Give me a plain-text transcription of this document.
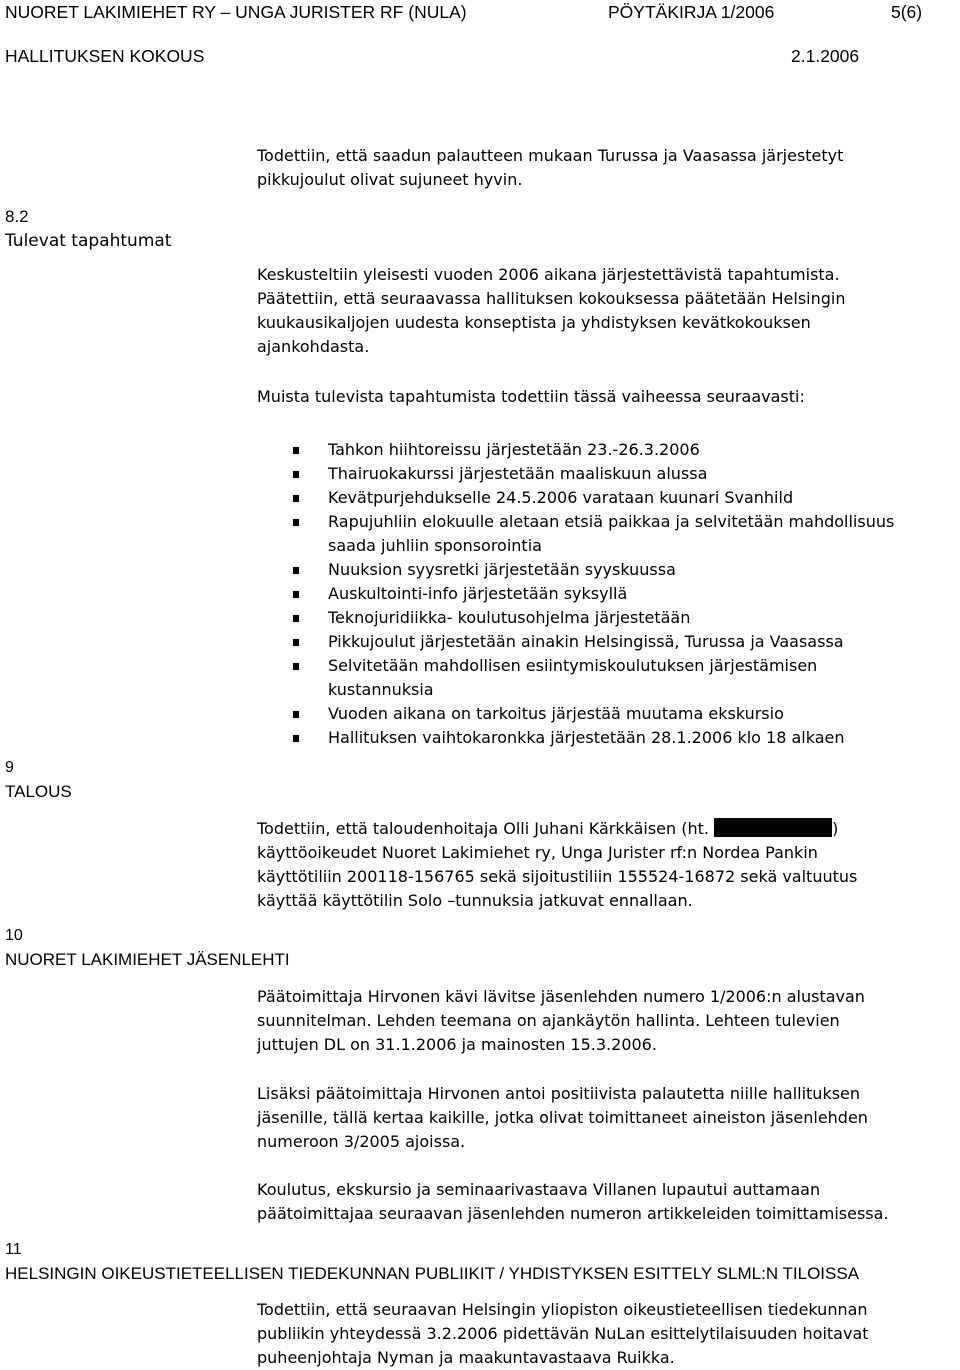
NUORET LAKIMIEHET RY – UNGA JURISTER RF (NULA)	PÖYTÄKIRJA 1/2006	5(6)
HALLITUKSEN KOKOUS	2.1.2006
Todettiin, että saadun palautteen mukaan Turussa ja Vaasassa järjestetyt
pikkujoulut olivat sujuneet hyvin.
8.2
Tulevat tapahtumat
Keskusteltiin yleisesti vuoden 2006 aikana järjestettävistä tapahtumista.
Päätettiin, että seuraavassa hallituksen kokouksessa päätetään Helsingin
kuukausikaljojen uudesta konseptista ja yhdistyksen kevätkokouksen
ajankohdasta.
Muista tulevista tapahtumista todettiin tässä vaiheessa seuraavasti:
Tahkon hiihtoreissu järjestetään 23.-26.3.2006
Thairuokakurssi järjestetään maaliskuun alussa
Kevätpurjehdukselle 24.5.2006 varataan kuunari Svanhild
Rapujuhliin elokuulle aletaan etsiä paikkaa ja selvitetään mahdollisuus
saada juhliin sponsorointia
Nuuksion syysretki järjestetään syyskuussa
Auskultointi-info järjestetään syksyllä
Teknojuridiikka- koulutusohjelma järjestetään
Pikkujoulut järjestetään ainakin Helsingissä, Turussa ja Vaasassa
Selvitetään mahdollisen esiintymiskoulutuksen järjestämisen
kustannuksia
Vuoden aikana on tarkoitus järjestää muutama ekskursio
Hallituksen vaihtokaronkka järjestetään 28.1.2006 klo 18 alkaen
9
TALOUS
Todettiin, että taloudenhoitaja Olli Juhani Kärkkäisen (ht.	)
käyttöoikeudet Nuoret Lakimiehet ry, Unga Jurister rf:n Nordea Pankin
käyttötiliin 200118-156765 sekä sijoitustiliin 155524-16872 sekä valtuutus
käyttää käyttötilin Solo –tunnuksia jatkuvat ennallaan.
10
NUORET LAKIMIEHET JÄSENLEHTI
Päätoimittaja Hirvonen kävi lävitse jäsenlehden numero 1/2006:n alustavan
suunnitelman. Lehden teemana on ajankäytön hallinta. Lehteen tulevien
juttujen DL on 31.1.2006 ja mainosten 15.3.2006.
Lisäksi päätoimittaja Hirvonen antoi positiivista palautetta niille hallituksen
jäsenille, tällä kertaa kaikille, jotka olivat toimittaneet aineiston jäsenlehden
numeroon 3/2005 ajoissa.
Koulutus, ekskursio ja seminaarivastaava Villanen lupautui auttamaan
päätoimittajaa seuraavan jäsenlehden numeron artikkeleiden toimittamisessa.
11
HELSINGIN OIKEUSTIETEELLISEN TIEDEKUNNAN PUBLIIKIT / YHDISTYKSEN ESITTELY SLML:N TILOISSA
Todettiin, että seuraavan Helsingin yliopiston oikeustieteellisen tiedekunnan
publiikin yhteydessä 3.2.2006 pidettävän NuLan esittelytilaisuuden hoitavat
puheenjohtaja Nyman ja maakuntavastaava Ruikka.
